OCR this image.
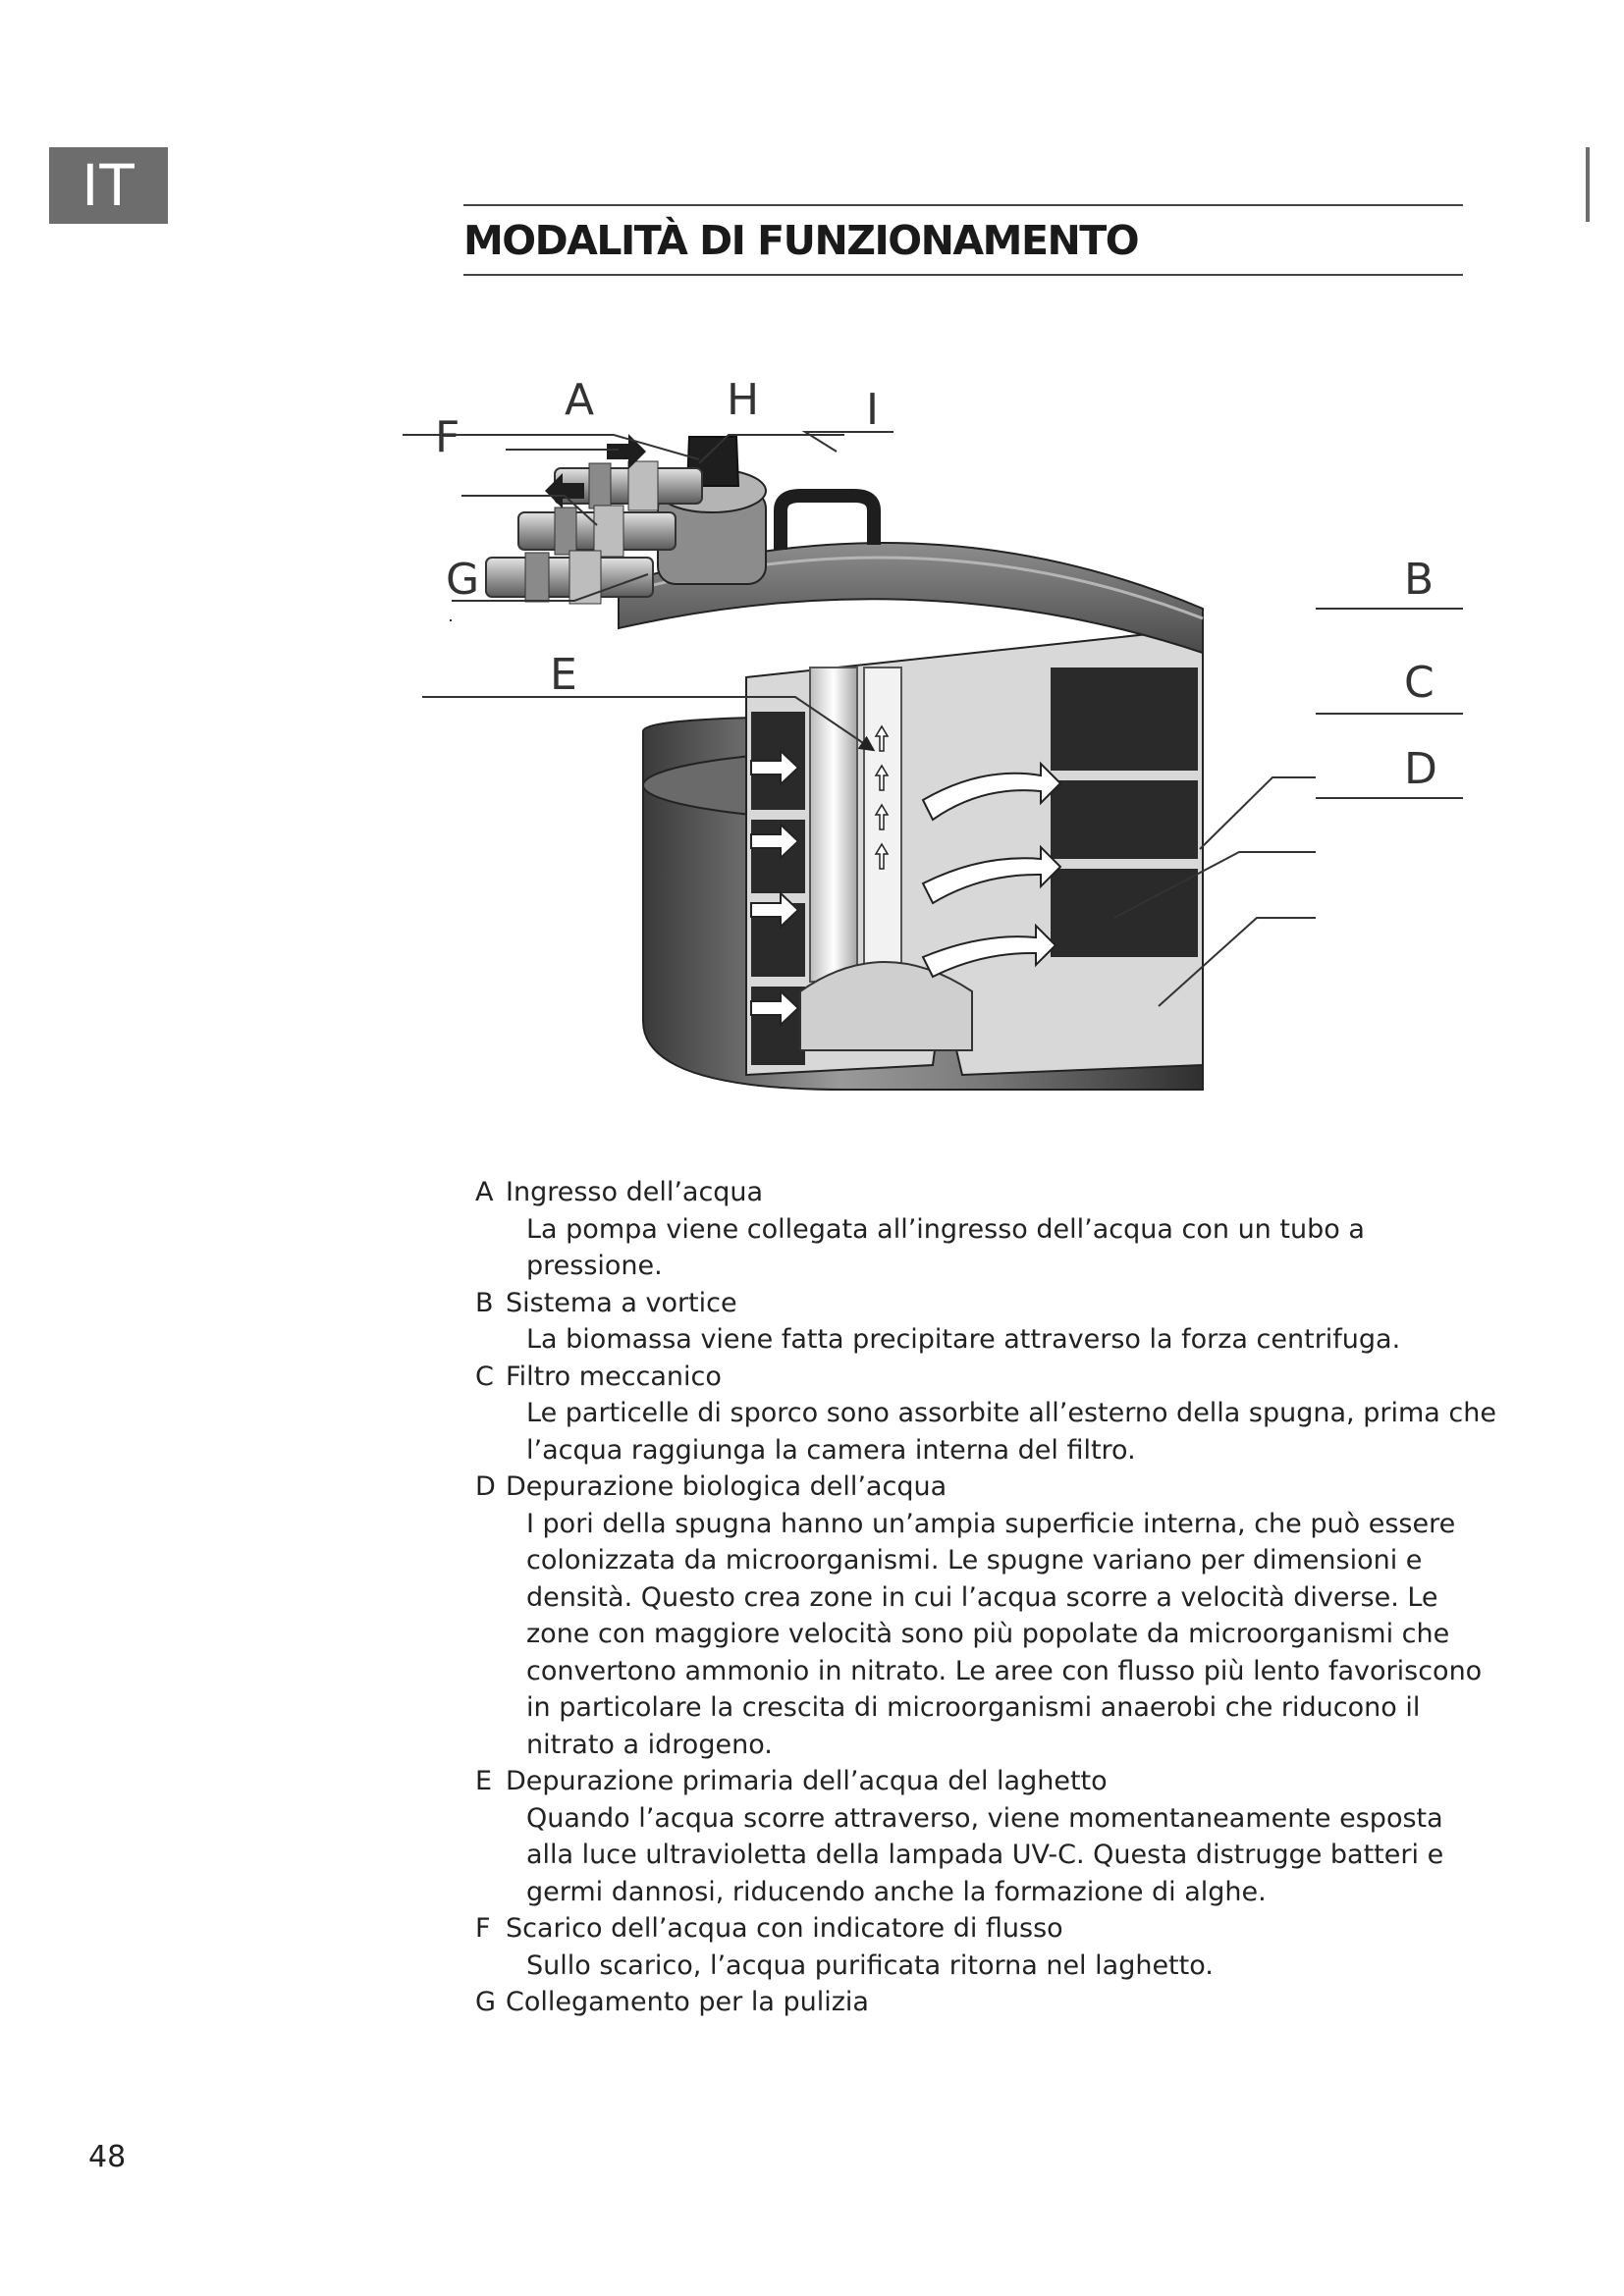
IT
MODALITÀ DI FUNZIONAMENTO
A
F
G
H I
B
C
D
E
A Ingresso dell’acqua
La pompa viene collegata all’ingresso dell’acqua con un tubo a pressione.
B Sistema a vortice
La biomassa viene fatta precipitare attraverso la forza centrifuga.
C Filtro meccanico
Le particelle di sporco sono assorbite all’esterno della spugna, prima che l’acqua raggiunga la camera interna del filtro.
D Depurazione biologica dell’acqua
I pori della spugna hanno un’ampia superficie interna, che può essere colonizzata da microorganismi. Le spugne variano per dimensioni e densità. Questo crea zone in cui l’acqua scorre a velocità diverse. Le zone con maggiore velocità sono più popolate da microorganismi che convertono ammonio in nitrato. Le aree con flusso più lento favoriscono in particolare la crescita di microorganismi anaerobi che riducono il nitrato a idrogeno.
E Depurazione primaria dell’acqua del laghetto
Quando l’acqua scorre attraverso, viene momentaneamente esposta alla luce ultravioletta della lampada UV-C. Questa distrugge batteri e germi dannosi, riducendo anche la formazione di alghe.
F Scarico dell’acqua con indicatore di flusso
Sullo scarico, l’acqua purificata ritorna nel laghetto.
G Collegamento per la pulizia
48
